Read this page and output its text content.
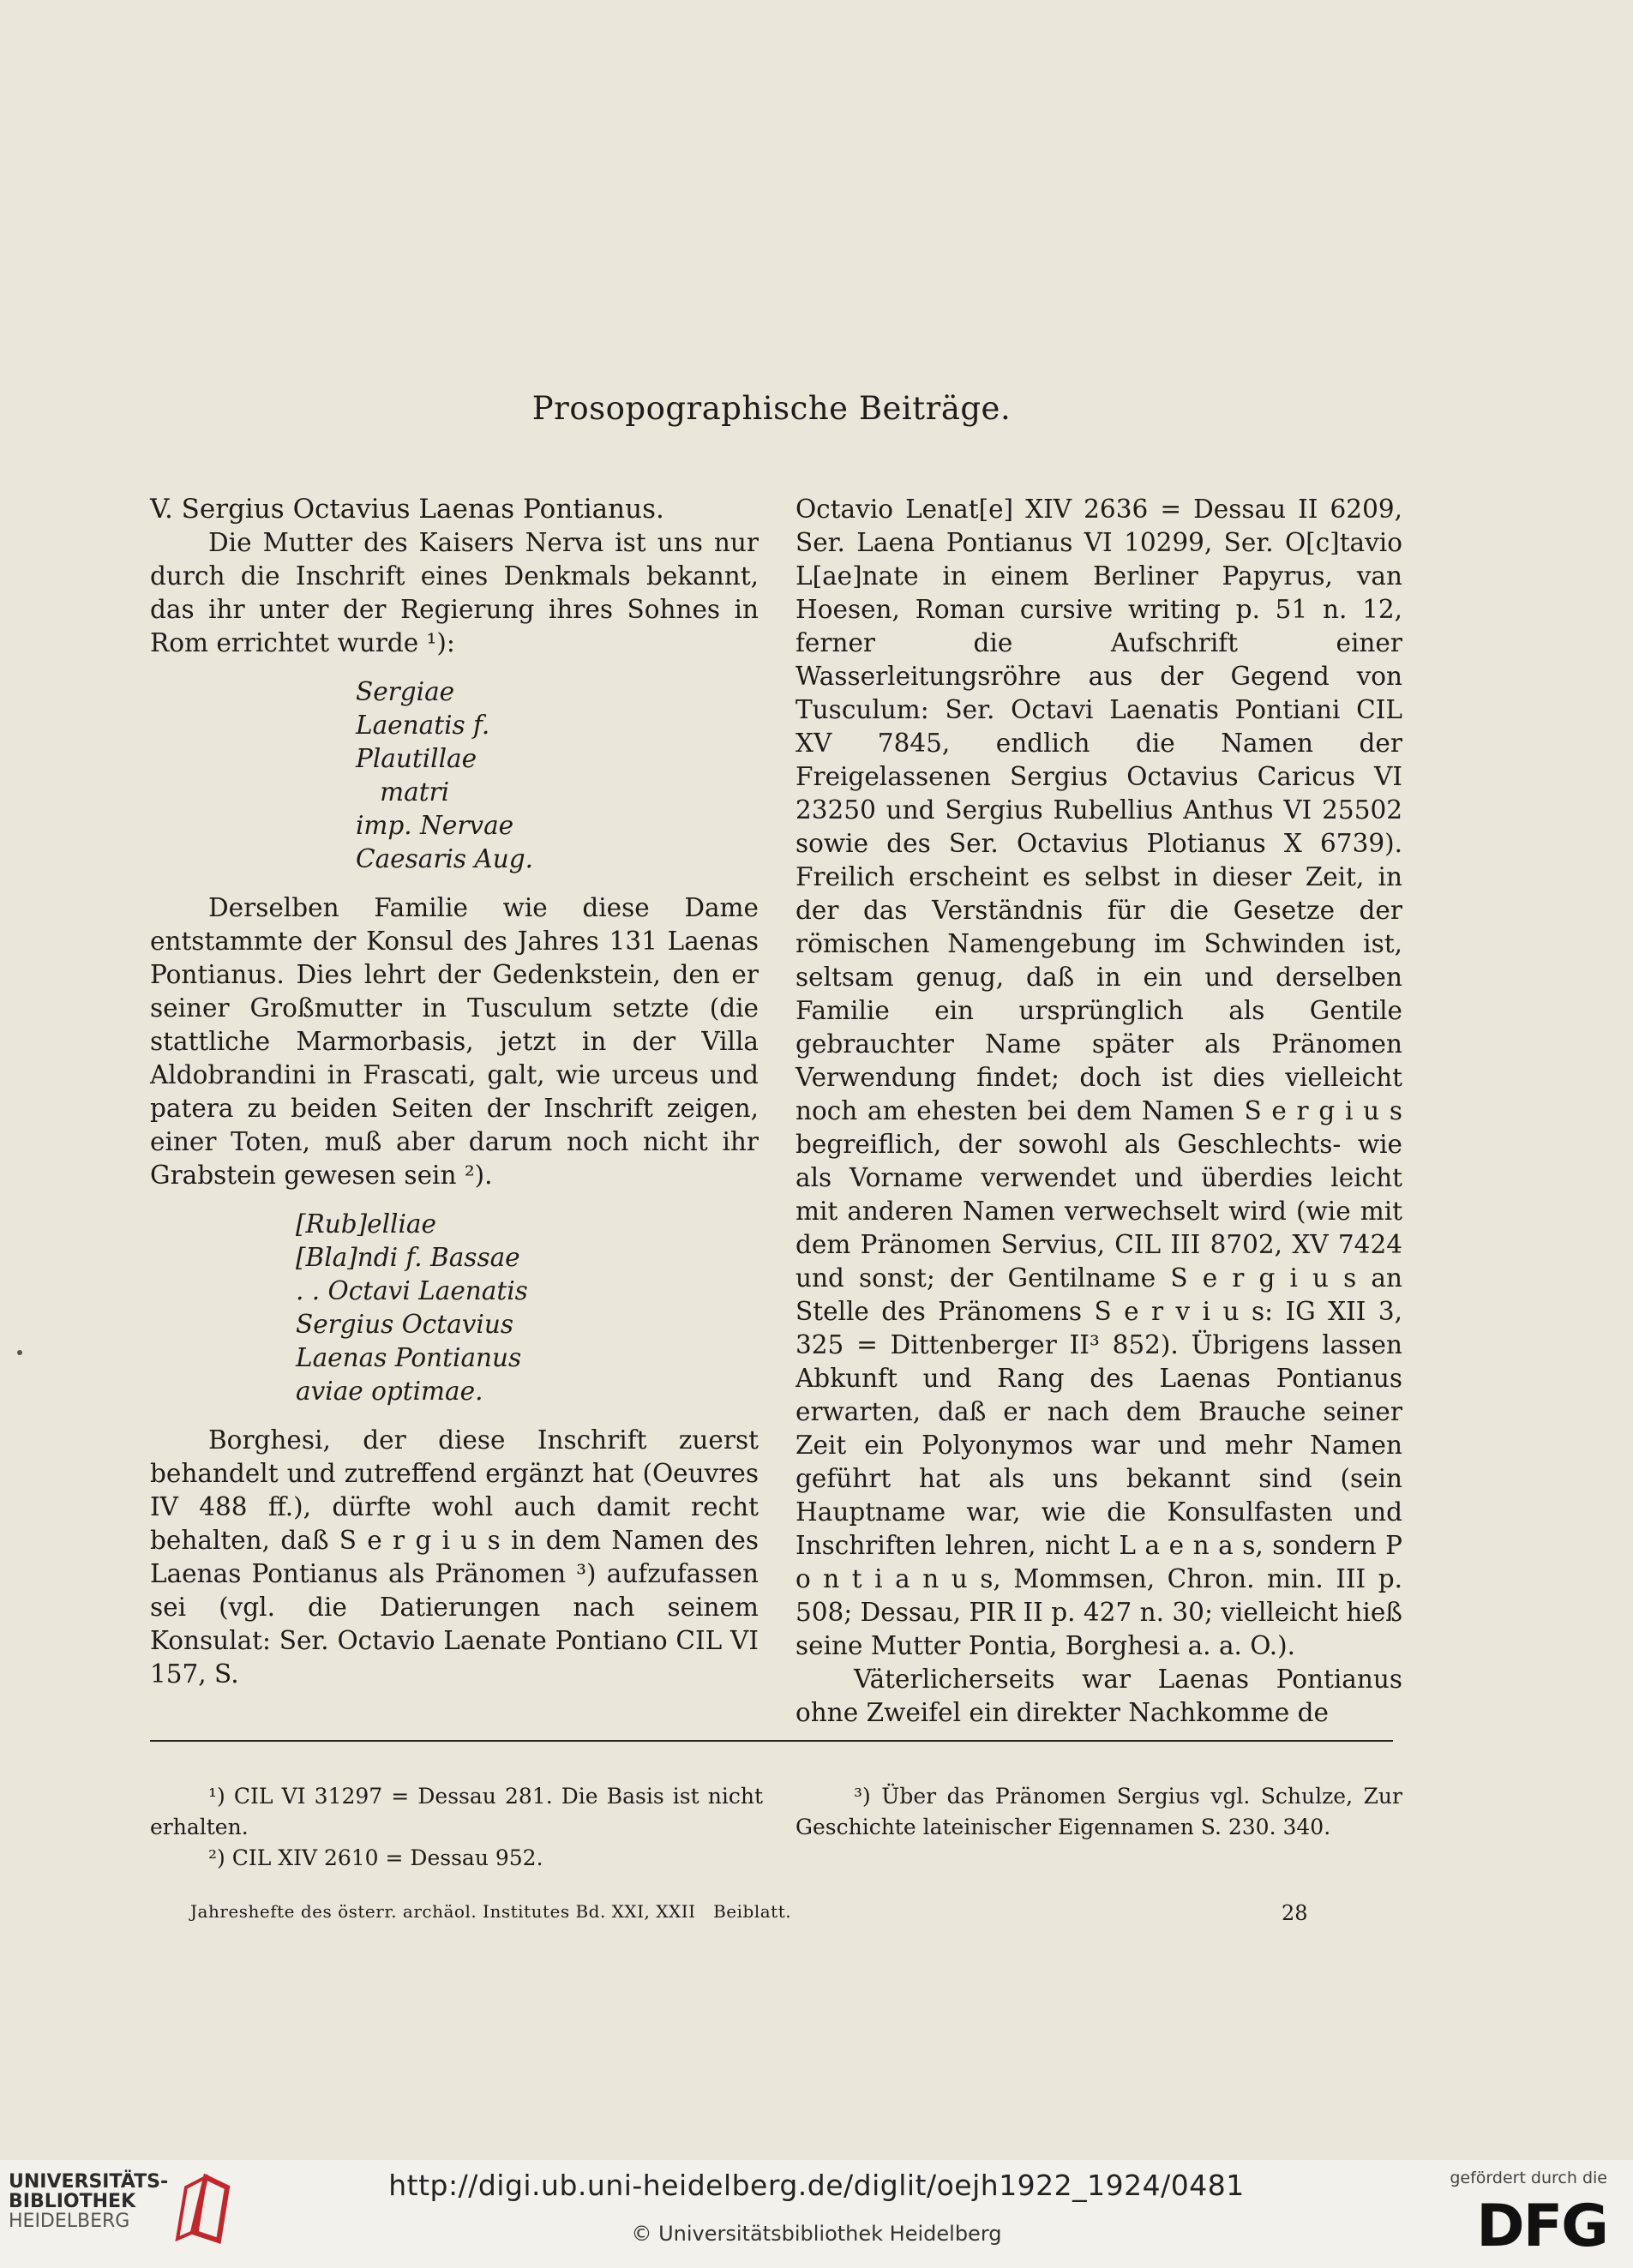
Prosopographische Beiträge.

V. Sergius Octavius Laenas Pontianus.

Die Mutter des Kaisers Nerva ist uns nur durch die Inschrift eines Denkmals bekannt, das ihr unter der Regierung ihres Sohnes in Rom errichtet wurde ¹):

Sergiae
Laenatis f.
Plautillae
matri
imp. Nervae
Caesaris Aug.

Derselben Familie wie diese Dame entstammte der Konsul des Jahres 131 Laenas Pontianus. Dies lehrt der Gedenkstein, den er seiner Großmutter in Tusculum setzte (die stattliche Marmorbasis, jetzt in der Villa Aldobrandini in Frascati, galt, wie urceus und patera zu beiden Seiten der Inschrift zeigen, einer Toten, muß aber darum noch nicht ihr Grabstein gewesen sein ²).

[Rub]elliae
[Bla]ndi f. Bassae
. . Octavi Laenatis
Sergius Octavius
Laenas Pontianus
aviae optimae.

Borghesi, der diese Inschrift zuerst behandelt und zutreffend ergänzt hat (Oeuvres IV 488 ff.), dürfte wohl auch damit recht behalten, daß S e r g i u s in dem Namen des Laenas Pontianus als Pränomen ³) aufzufassen sei (vgl. die Datierungen nach seinem Konsulat: Ser. Octavio Laenate Pontiano CIL VI 157, S.

Octavio Lenat[e] XIV 2636 = Dessau II 6209, Ser. Laena Pontianus VI 10299, Ser. O[c]tavio L[ae]nate in einem Berliner Papyrus, van Hoesen, Roman cursive writing p. 51 n. 12, ferner die Aufschrift einer Wasserleitungsröhre aus der Gegend von Tusculum: Ser. Octavi Laenatis Pontiani CIL XV 7845, endlich die Namen der Freigelassenen Sergius Octavius Caricus VI 23250 und Sergius Rubellius Anthus VI 25502 sowie des Ser. Octavius Plotianus X 6739). Freilich erscheint es selbst in dieser Zeit, in der das Verständnis für die Gesetze der römischen Namengebung im Schwinden ist, seltsam genug, daß in ein und derselben Familie ein ursprünglich als Gentile gebrauchter Name später als Pränomen Verwendung findet; doch ist dies vielleicht noch am ehesten bei dem Namen S e r g i u s begreiflich, der sowohl als Geschlechts- wie als Vorname verwendet und überdies leicht mit anderen Namen verwechselt wird (wie mit dem Pränomen Servius, CIL III 8702, XV 7424 und sonst; der Gentilname S e r g i u s an Stelle des Pränomens S e r v i u s: IG XII 3, 325 = Dittenberger II³ 852). Übrigens lassen Abkunft und Rang des Laenas Pontianus erwarten, daß er nach dem Brauche seiner Zeit ein Polyonymos war und mehr Namen geführt hat als uns bekannt sind (sein Hauptname war, wie die Konsulfasten und Inschriften lehren, nicht L a e n a s, sondern P o n t i a n u s, Mommsen, Chron. min. III p. 508; Dessau, PIR II p. 427 n. 30; vielleicht hieß seine Mutter Pontia, Borghesi a. a. O.).

Väterlicherseits war Laenas Pontianus ohne Zweifel ein direkter Nachkomme de

¹) CIL VI 31297 = Dessau 281. Die Basis ist nicht erhalten.

²) CIL XIV 2610 = Dessau 952.

³) Über das Pränomen Sergius vgl. Schulze, Zur Geschichte lateinischer Eigennamen S. 230. 340.

Jahreshefte des österr. archäol. Institutes Bd. XXI, XXII   Beiblatt.	28
UNIVERSITÄTS-
BIBLIOTHEK
HEIDELBERG
http://digi.ub.uni-heidelberg.de/diglit/oejh1922_1924/0481
© Universitätsbibliothek Heidelberg
gefördert durch die
DFG
